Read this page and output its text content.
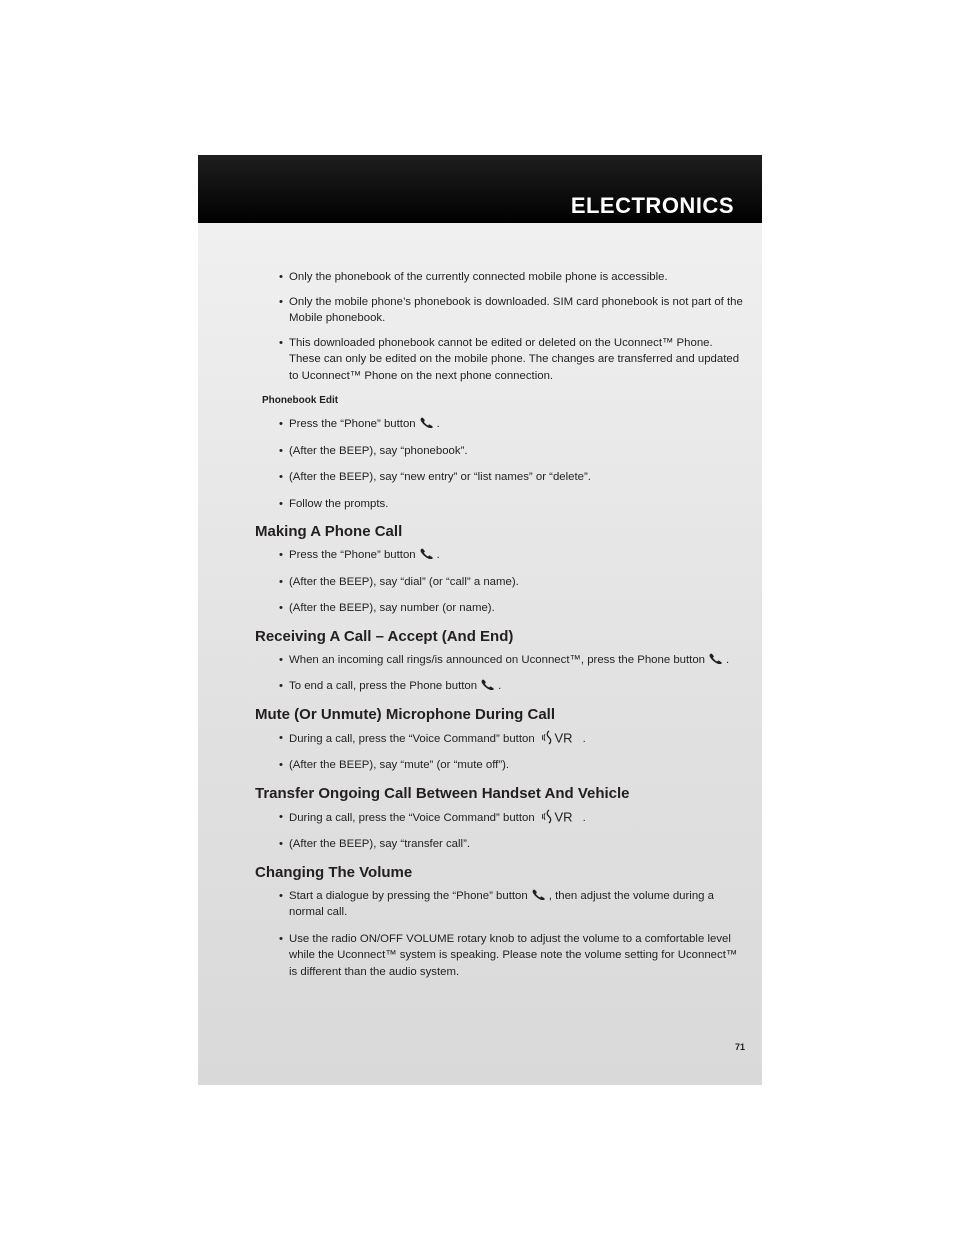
ELECTRONICS
• Only the phonebook of the currently connected mobile phone is accessible.
• Only the mobile phone’s phonebook is downloaded. SIM card phonebook is not part of the Mobile phonebook.
• This downloaded phonebook cannot be edited or deleted on the Uconnect™ Phone. These can only be edited on the mobile phone. The changes are transferred and updated to Uconnect™ Phone on the next phone connection.
Phonebook Edit
• Press the “Phone” button .
• (After the BEEP), say “phonebook”.
• (After the BEEP), say “new entry” or “list names” or “delete”.
• Follow the prompts.
Making A Phone Call
• Press the “Phone” button .
• (After the BEEP), say “dial” (or “call” a name).
• (After the BEEP), say number (or name).
Receiving A Call – Accept (And End)
• When an incoming call rings/is announced on Uconnect™, press the Phone button .
• To end a call, press the Phone button .
Mute (Or Unmute) Microphone During Call
• During a call, press the “Voice Command” button VR .
• (After the BEEP), say “mute” (or “mute off”).
Transfer Ongoing Call Between Handset And Vehicle
• During a call, press the “Voice Command” button VR .
• (After the BEEP), say “transfer call”.
Changing The Volume
• Start a dialogue by pressing the “Phone” button , then adjust the volume during a normal call.
• Use the radio ON/OFF VOLUME rotary knob to adjust the volume to a comfortable level while the Uconnect™ system is speaking. Please note the volume setting for Uconnect™ is different than the audio system.
71
